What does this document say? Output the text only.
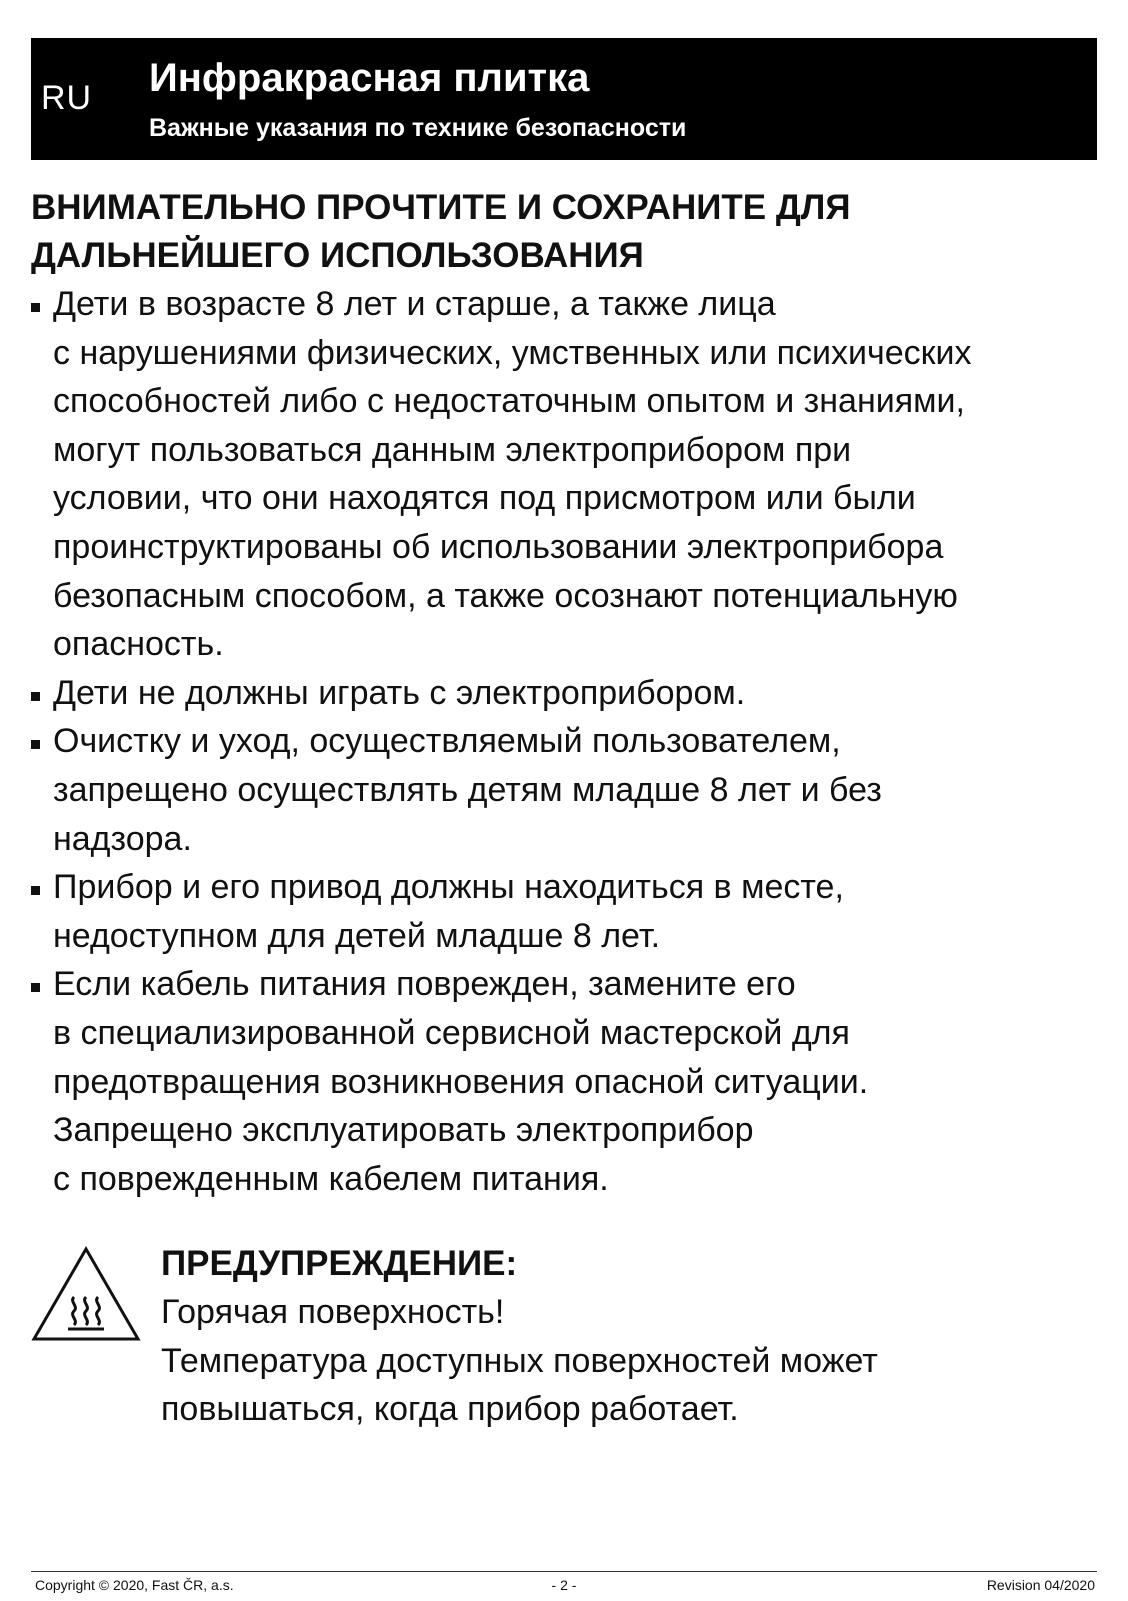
RU Инфракрасная плитка
Важные указания по технике безопасности
ВНИМАТЕЛЬНО ПРОЧТИТЕ И СОХРАНИТЕ ДЛЯ
ДАЛЬНЕЙШЕГО ИСПОЛЬЗОВАНИЯ
Дети в возрасте 8 лет и старше, а также лица
с нарушениями физических, умственных или психических
способностей либо с недостаточным опытом и знаниями,
могут пользоваться данным электроприбором при
условии, что они находятся под присмотром или были
проинструктированы об использовании электроприбора
безопасным способом, а также осознают потенциальную
опасность.
Дети не должны играть с электроприбором.
Очистку и уход, осуществляемый пользователем,
запрещено осуществлять детям младше 8 лет и без
надзора.
Прибор и его привод должны находиться в месте,
недоступном для детей младше 8 лет.
Если кабель питания поврежден, замените его
в специализированной сервисной мастерской для
предотвращения возникновения опасной ситуации.
Запрещено эксплуатировать электроприбор
с поврежденным кабелем питания.
ПРЕДУПРЕЖДЕНИЕ:
Горячая поверхность!
Температура доступных поверхностей может
повышаться, когда прибор работает.
Copyright © 2020, Fast ČR, a.s.	- 2 -	Revision 04/2020
